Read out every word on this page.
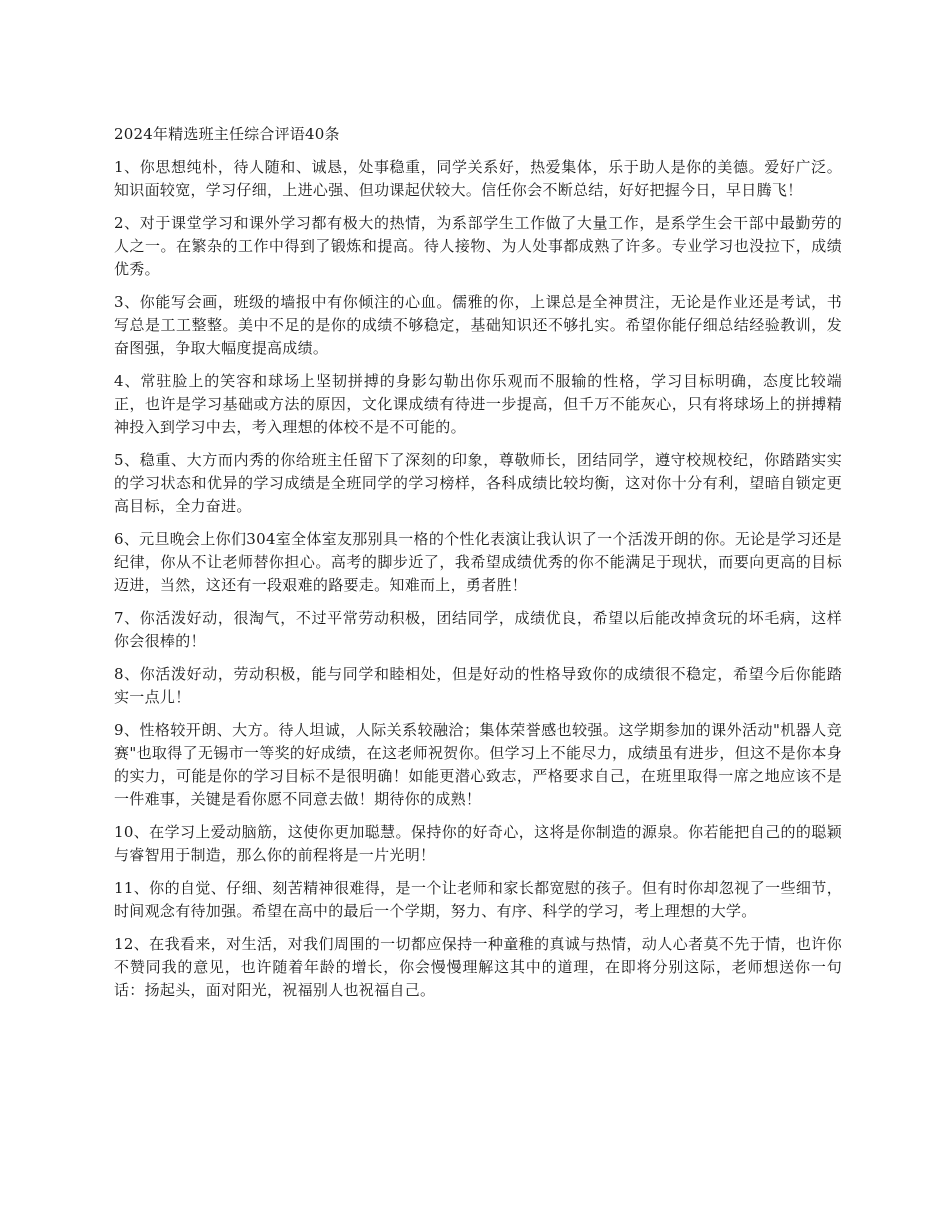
2024年精选班主任综合评语40条

1、你思想纯朴，待人随和、诚恳，处事稳重，同学关系好，热爱集体，乐于助人是你的美德。爱好广泛。知识面较宽，学习仔细，上进心强、但功课起伏较大。信任你会不断总结，好好把握今日，早日腾飞！

2、对于课堂学习和课外学习都有极大的热情，为系部学生工作做了大量工作，是系学生会干部中最勤劳的人之一。在繁杂的工作中得到了锻炼和提高。待人接物、为人处事都成熟了许多。专业学习也没拉下，成绩优秀。

3、你能写会画，班级的墙报中有你倾注的心血。儒雅的你，上课总是全神贯注，无论是作业还是考试，书写总是工工整整。美中不足的是你的成绩不够稳定，基础知识还不够扎实。希望你能仔细总结经验教训，发奋图强，争取大幅度提高成绩。

4、常驻脸上的笑容和球场上坚韧拼搏的身影勾勒出你乐观而不服输的性格，学习目标明确，态度比较端正，也许是学习基础或方法的原因，文化课成绩有待进一步提高，但千万不能灰心，只有将球场上的拼搏精神投入到学习中去，考入理想的体校不是不可能的。

5、稳重、大方而内秀的你给班主任留下了深刻的印象，尊敬师长，团结同学，遵守校规校纪，你踏踏实实的学习状态和优异的学习成绩是全班同学的学习榜样，各科成绩比较均衡，这对你十分有利，望暗自锁定更高目标，全力奋进。

6、元旦晚会上你们304室全体室友那别具一格的个性化表演让我认识了一个活泼开朗的你。无论是学习还是纪律，你从不让老师替你担心。高考的脚步近了，我希望成绩优秀的你不能满足于现状，而要向更高的目标迈进，当然，这还有一段艰难的路要走。知难而上，勇者胜！

7、你活泼好动，很淘气，不过平常劳动积极，团结同学，成绩优良，希望以后能改掉贪玩的坏毛病，这样你会很棒的！

8、你活泼好动，劳动积极，能与同学和睦相处，但是好动的性格导致你的成绩很不稳定，希望今后你能踏实一点儿！

9、性格较开朗、大方。待人坦诚，人际关系较融洽；集体荣誉感也较强。这学期参加的课外活动"机器人竞赛"也取得了无锡市一等奖的好成绩，在这老师祝贺你。但学习上不能尽力，成绩虽有进步，但这不是你本身的实力，可能是你的学习目标不是很明确！如能更潜心致志，严格要求自己，在班里取得一席之地应该不是一件难事，关键是看你愿不同意去做！期待你的成熟！

10、在学习上爱动脑筋，这使你更加聪慧。保持你的好奇心，这将是你制造的源泉。你若能把自己的的聪颖与睿智用于制造，那么你的前程将是一片光明！

11、你的自觉、仔细、刻苦精神很难得，是一个让老师和家长都宽慰的孩子。但有时你却忽视了一些细节，时间观念有待加强。希望在高中的最后一个学期，努力、有序、科学的学习，考上理想的大学。

12、在我看来，对生活，对我们周围的一切都应保持一种童稚的真诚与热情，动人心者莫不先于情，也许你不赞同我的意见，也许随着年龄的增长，你会慢慢理解这其中的道理，在即将分别这际，老师想送你一句话：扬起头，面对阳光，祝福别人也祝福自己。
